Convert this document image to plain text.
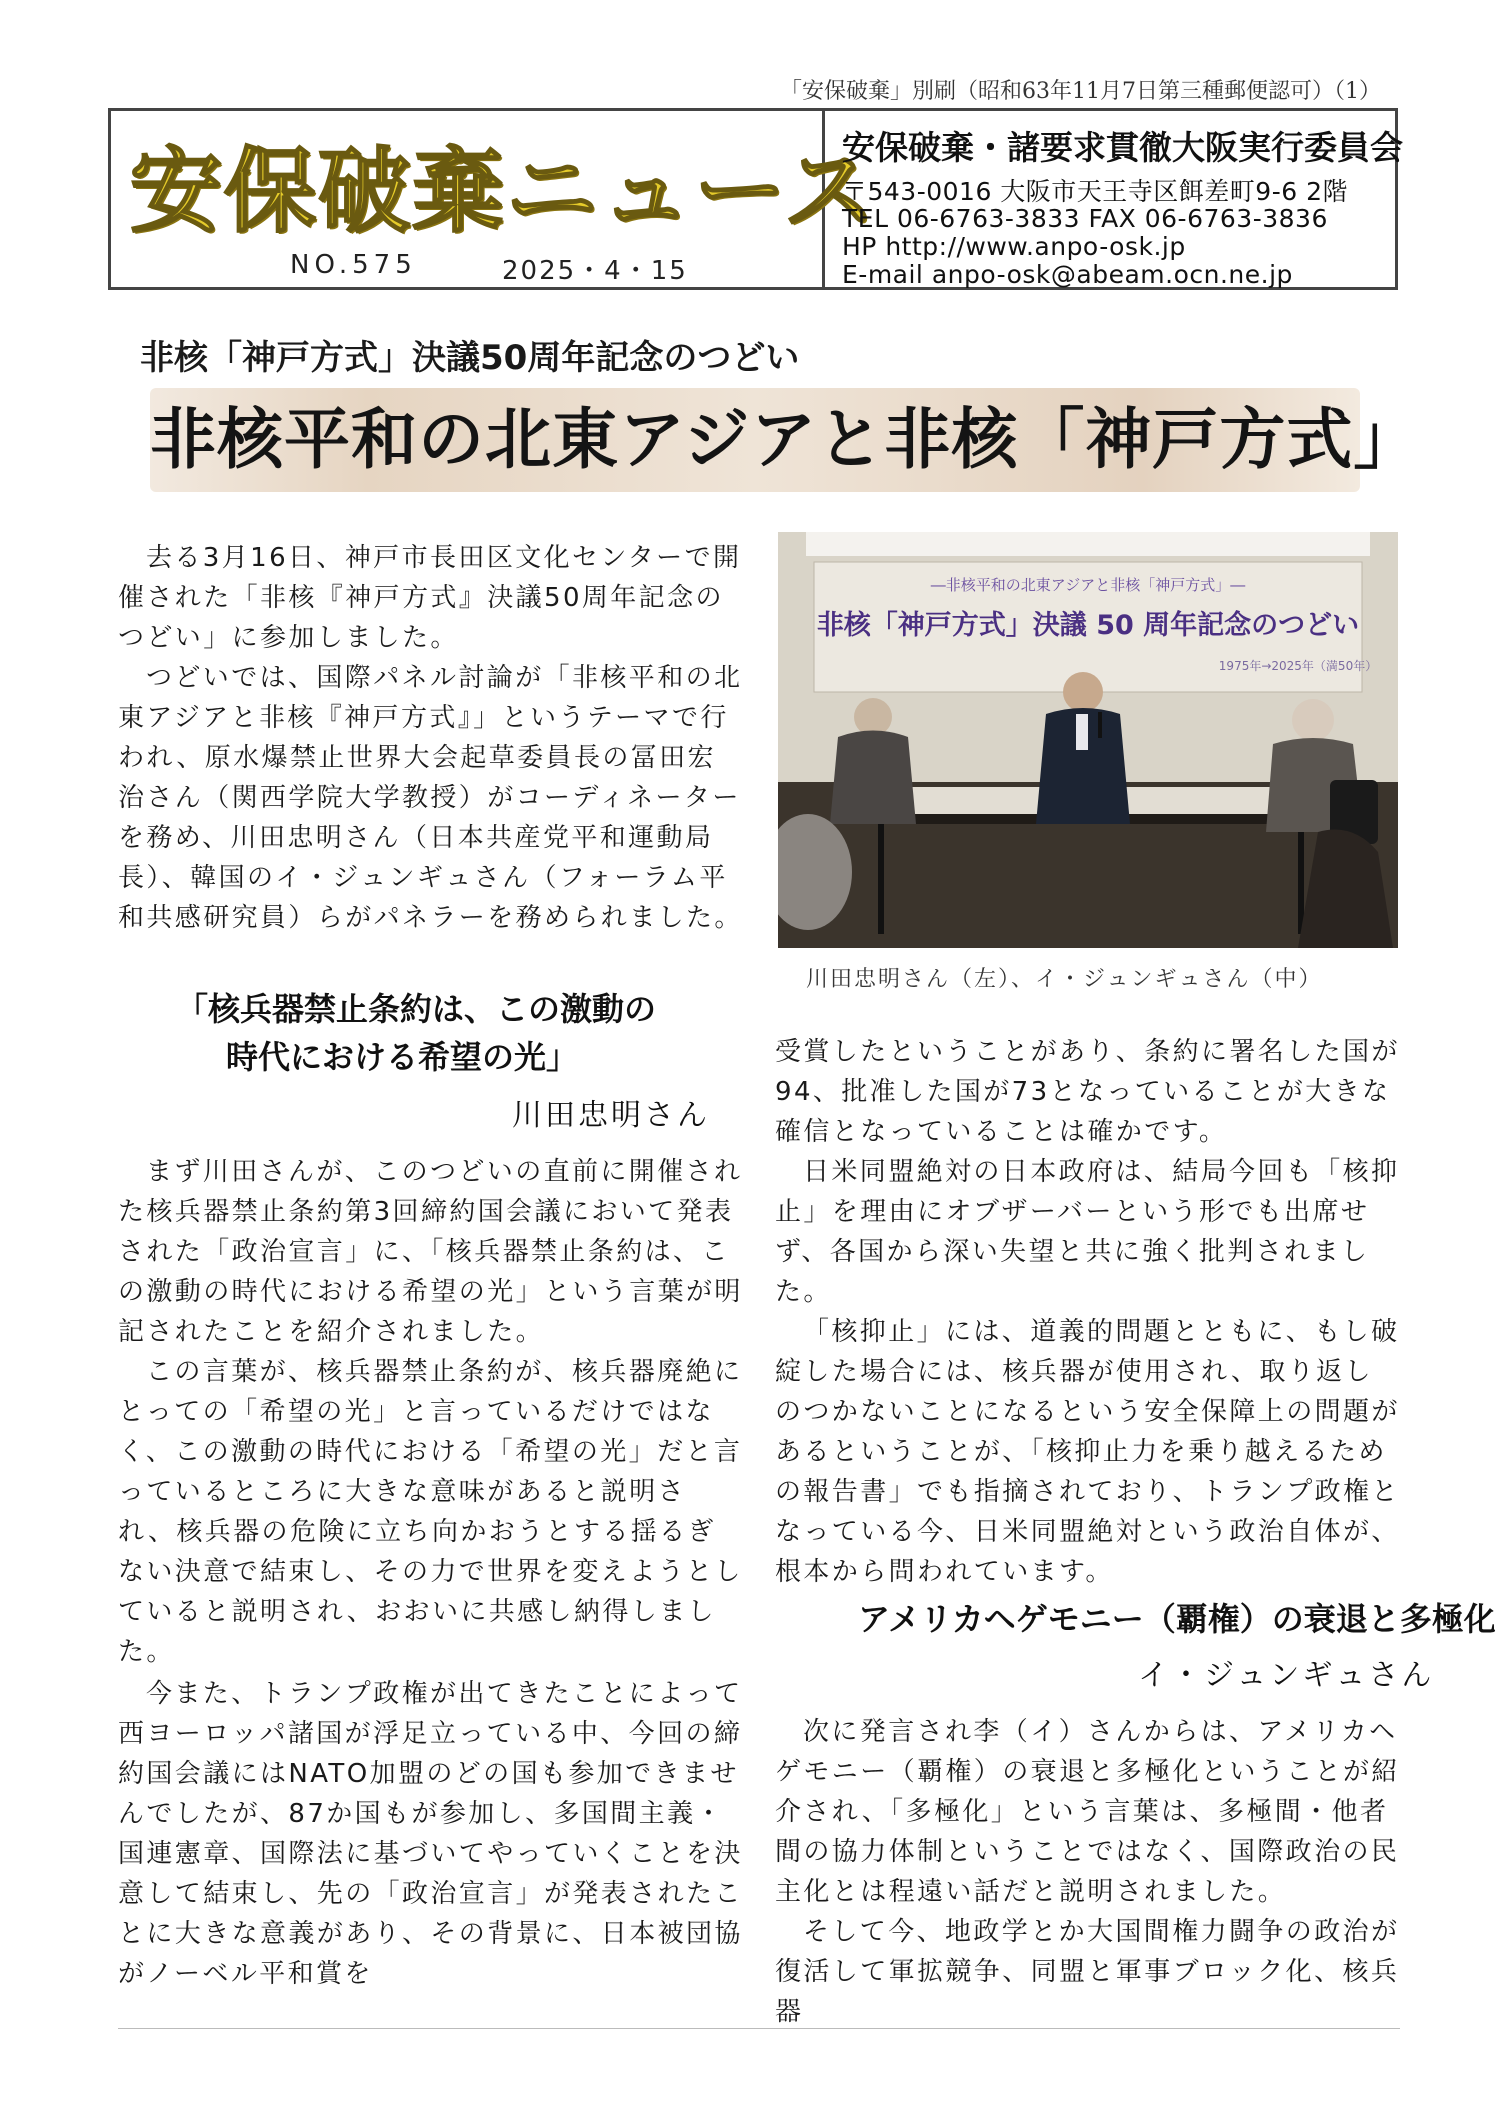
「安保破棄」別刷（昭和63年11月7日第三種郵便認可）（1）
安保破棄ニュース
NO.575	2025・4・15
安保破棄・諸要求貫徹大阪実行委員会
〒543-0016 大阪市天王寺区餌差町9-6 2階
TEL 06-6763-3833 FAX 06-6763-3836
HP http://www.anpo-osk.jp
E-mail anpo-osk@abeam.ocn.ne.jp
非核「神戸方式」決議50周年記念のつどい
非核平和の北東アジアと非核「神戸方式」

去る3月16日、神戸市長田区文化センターで開催された「非核『神戸方式』決議50周年記念のつどい」に参加しました。

つどいでは、国際パネル討論が「非核平和の北東アジアと非核『神戸方式』」というテーマで行われ、原水爆禁止世界大会起草委員長の冨田宏治さん（関西学院大学教授）がコーディネーターを務め、川田忠明さん（日本共産党平和運動局長）、韓国のイ・ジュンギュさん（フォーラム平和共感研究員）らがパネラーを務められました。

―非核平和の北東アジアと非核「神戸方式」―
非核「神戸方式」決議 50 周年記念のつどい
1975年→2025年（満50年）
川田忠明さん（左）、イ・ジュンギュさん（中）
「核兵器禁止条約は、この激動の
時代における希望の光」
川田忠明さん

まず川田さんが、このつどいの直前に開催された核兵器禁止条約第3回締約国会議において発表された「政治宣言」に、「核兵器禁止条約は、この激動の時代における希望の光」という言葉が明記されたことを紹介されました。

この言葉が、核兵器禁止条約が、核兵器廃絶にとっての「希望の光」と言っているだけではなく、この激動の時代における「希望の光」だと言っているところに大きな意味があると説明され、核兵器の危険に立ち向かおうとする揺るぎない決意で結束し、その力で世界を変えようとしていると説明され、おおいに共感し納得しました。

今また、トランプ政権が出てきたことによって西ヨーロッパ諸国が浮足立っている中、今回の締約国会議にはNATO加盟のどの国も参加できませんでしたが、87か国もが参加し、多国間主義・国連憲章、国際法に基づいてやっていくことを決意して結束し、先の「政治宣言」が発表されたことに大きな意義があり、その背景に、日本被団協がノーベル平和賞を

受賞したということがあり、条約に署名した国が94、批准した国が73となっていることが大きな確信となっていることは確かです。

日米同盟絶対の日本政府は、結局今回も「核抑止」を理由にオブザーバーという形でも出席せず、各国から深い失望と共に強く批判されました。

「核抑止」には、道義的問題とともに、もし破綻した場合には、核兵器が使用され、取り返しのつかないことになるという安全保障上の問題があるということが、「核抑止力を乗り越えるための報告書」でも指摘されており、トランプ政権となっている今、日米同盟絶対という政治自体が、根本から問われています。

アメリカヘゲモニー（覇権）の衰退と多極化
イ・ジュンギュさん

次に発言され李（イ）さんからは、アメリカヘゲモニー（覇権）の衰退と多極化ということが紹介され、「多極化」という言葉は、多極間・他者間の協力体制ということではなく、国際政治の民主化とは程遠い話だと説明されました。

そして今、地政学とか大国間権力闘争の政治が復活して軍拡競争、同盟と軍事ブロック化、核兵器
